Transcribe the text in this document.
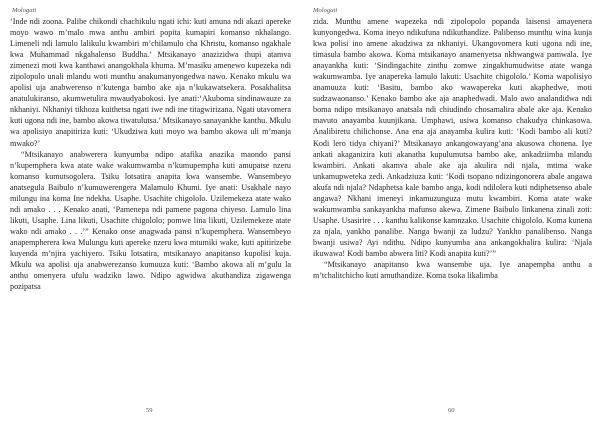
Mologati

‘Inde ndi zoona. Palibe chikondi chachikulu ngati ichi: kuti amuna ndi akazi apereke moyo wawo m’malo mwa anthu ambiri popita kumapiri komanso nkhalango. Limeneli ndi lamulo lalikulu kwambiri m’chilamulo cha Khristu, komanso ngakhale kwa Muhammad nkgahalenso Buddha.’ Mtsikanayo anazizidwa thupi atamva zimenezi moti kwa kanthawi anangokhala khuma. M’masiku amenewo kupezeka ndi zipolopolo unali mlandu woti munthu anakumanyongedwa nawo. Kenako mkulu wa apolisi uja anabwerenso n’kutenga bambo ake aja n’kukawatsekera. Posakhalitsa anatulukiranso, akumwetulira mwaudyabokosi. Iye anati:‘Akuboma sindinawauze za nkhaniyi. Nkhaniyi tikhoza kuithetsa ngati iwe ndi ine titagwirizana. Ngati utavomera kuti ugona ndi ine, bambo akowa tiwatulutsa.’ Mtsikanayo sanayankhe kanthu. Mkulu wa apolisiyo anapitiriza kuti: ‘Ukudziwa kuti moyo wa bambo akowa uli m’manja mwako?’

“Mtsikanayo anabwerera kunyumba ndipo atafika anazika maondo pansi n’kupemphera kwa atate wake wakumwamba n’kumupempha kuti amupatse nzeru komanso kumutsogolera. Tsiku lotsatira anapita kwa wansembe. Wansembeyo anatsegula Baibulo n’kumuwerengera Malamulo Khumi. Iye anati: Usakhale nayo milungu ina koma Ine ndekha. Usaphe. Usachite chigololo. Uzilemekeza atate wako ndi amako . . . Kenako anati, ‘Pamenepa ndi pamene pagona chiyeso. Lamulo lina likuti, Usaphe. Lina likuti, Usachite chigololo; pomwe lina likuti, Uzilemekeze atate wako ndi amako . . .’” Kenako onse anagwada pansi n’kupemphera. Wansembeyo anapempherera kwa Mulungu kuti apereke nzeru kwa mtumiki wake, kuti apitirizebe kuyenda m’njira yachiyero. Tsiku lotsatira, mtsikanayo anapitanso kupolisi kuja. Mkulu wa apolisi uja anabwerezanso kumuuza kuti: ‘Bambo akowa ali m’gulu la anthu omenyera ufulu wadziko lawo. Ndipo agwidwa akuthandiza zigawenga pozipatsa

59
Mologati

zida. Munthu amene wapezeka ndi zipolopolo popanda laisensi amayenera kunyongedwa. Koma ineyo ndikufuna ndikuthandize. Palibenso munthu wina kunja kwa polisi ino amene akudziwa za nkhaniyi. Ukangovomera kuti ugona ndi ine, timasula bambo akowa. Koma mtsikanayo anamenyetsa nkhwangwa pamwala. Iye anayankha kuti: ‘Sindingachite zinthu zomwe zingakhumudwitse atate wanga wakumwamba. Iye anapereka lamulo lakuti: Usachite chigololo.’ Koma wapolisiyo anamuuza kuti: ‘Basitu, bambo ako wawapereka kuti akaphedwe, moti sudzawaonanso.’ Kenako bambo ake aja anaphedwadi. Malo awo analandidwa ndi boma ndipo mtsikanayo anatsala ndi chiudindo chosamalira abale ake aja. Kenako mavuto anayamba kuunjikana. Umphawi, usiwa komanso chakudya chinkasowa. Analibiretu chilichonse. Ana ena aja anayamba kulira kuti: ‘Kodi bambo ali kuti? Kodi lero tidya chiyani?’ Mtsikanayo ankangowayang’ana akusowa chonena. Iye ankati akaganizira kuti akanatha kupulumutsa bambo ake, ankadziimba mlandu kwambiri. Ankati akamva abale ake aja akulira ndi njala, mtima wake unkamupweteka zedi. Ankadziuza kuti: ‘Kodi tsopano ndizingonorera abale angawa akufa ndi njala? Ndaphetsa kale bambo anga, kodi ndilolera kuti ndiphetsenso abale angawa? Nkhani imeneyi inkamuzunguza mutu kwambiri. Koma atate wake wakumwamba sankayankha mafunso akewa. Zimene Baibulo linkanena zinali zoti: Usaphe. Usasirire . . . kanthu kalikonse kamnzako. Usachite chigololo. Koma kunena za njala, yankho panalibe. Nanga bwanji za ludzu? Yankho panalibenso. Nanga bwanji usiwa? Ayi ndithu. Ndipo kunyumba ana ankangokhalira kulira: ‘Njala ikuwawa! Kodi bambo abwera liti? Kodi anapita kuti?’”

“Mtsikanayo anapitanso kwa wansembe uja. Iye anapempha anthu a m’tchalitchicho kuti amuthandize. Koma tsoka likalimba

60
